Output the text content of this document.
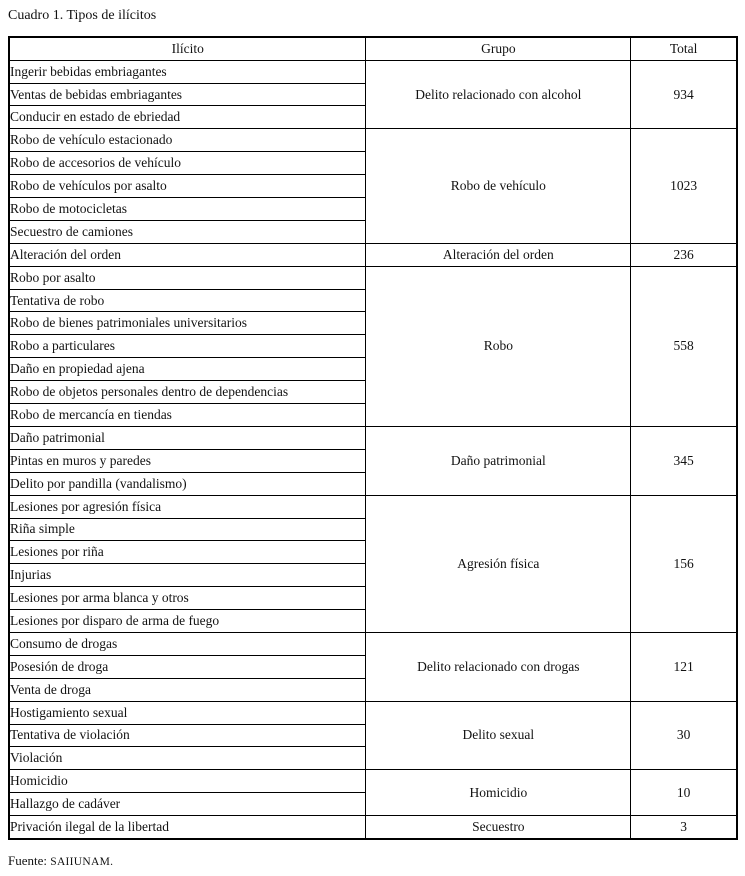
Cuadro 1. Tipos de ilícitos
Ilícito	Grupo	Total
Ingerir bebidas embriagantes	Delito relacionado con alcohol	934
Ventas de bebidas embriagantes		
Conducir en estado de ebriedad		
Robo de vehículo estacionado	Robo de vehículo	1023
Robo de accesorios de vehículo		
Robo de vehículos por asalto		
Robo de motocicletas		
Secuestro de camiones		
Alteración del orden	Alteración del orden	236
Robo por asalto	Robo	558
Tentativa de robo		
Robo de bienes patrimoniales universitarios		
Robo a particulares		
Daño en propiedad ajena		
Robo de objetos personales dentro de dependencias		
Robo de mercancía en tiendas		
Daño patrimonial	Daño patrimonial	345
Pintas en muros y paredes		
Delito por pandilla (vandalismo)		
Lesiones por agresión física	Agresión física	156
Riña simple		
Lesiones por riña		
Injurias		
Lesiones por arma blanca y otros		
Lesiones por disparo de arma de fuego		
Consumo de drogas	Delito relacionado con drogas	121
Posesión de droga		
Venta de droga		
Hostigamiento sexual	Delito sexual	30
Tentativa de violación		
Violación		
Homicidio	Homicidio	10
Hallazgo de cadáver		
Privación ilegal de la libertad	Secuestro	3
Fuente: SAIIUNAM.
